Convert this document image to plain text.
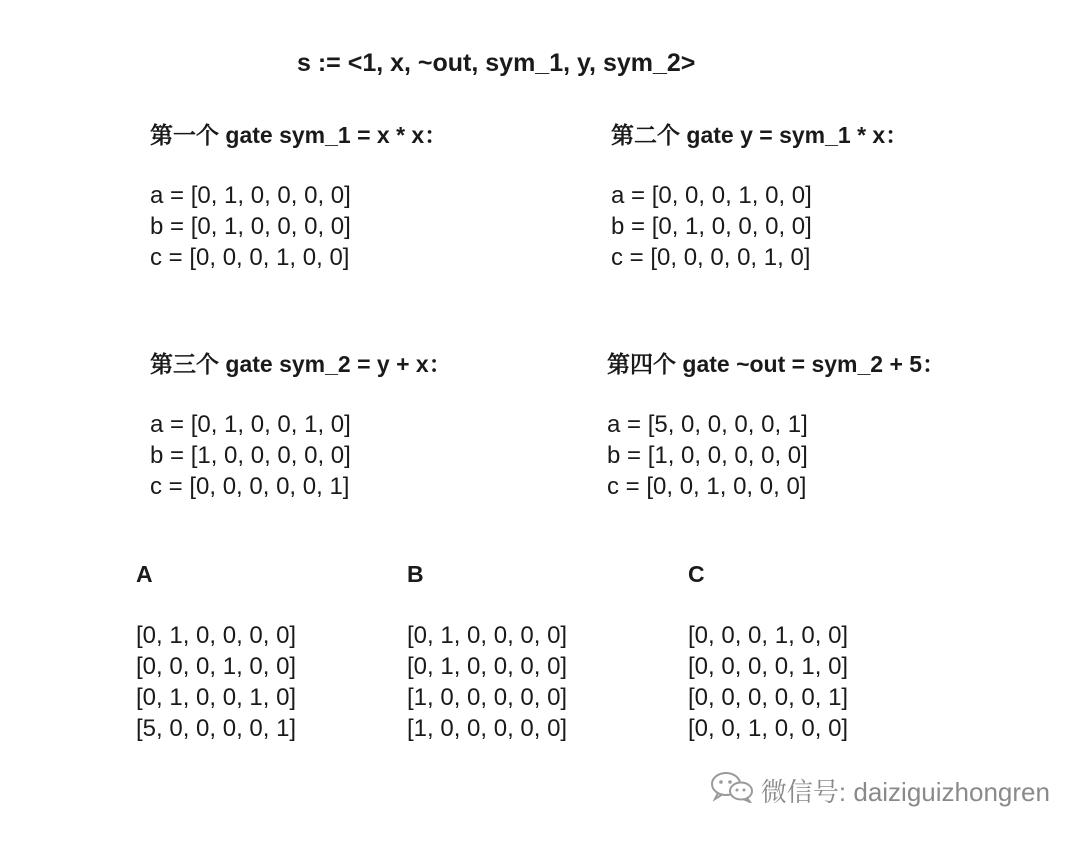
s := <1, x, ~out, sym_1, y, sym_2>
第一个 gate sym_1 = x * x：
a = [0, 1, 0, 0, 0, 0]
b = [0, 1, 0, 0, 0, 0]
c = [0, 0, 0, 1, 0, 0]
第二个 gate y = sym_1 * x：
a = [0, 0, 0, 1, 0, 0]
b = [0, 1, 0, 0, 0, 0]
c = [0, 0, 0, 0, 1, 0]
第三个 gate sym_2 = y + x：
a = [0, 1, 0, 0, 1, 0]
b = [1, 0, 0, 0, 0, 0]
c = [0, 0, 0, 0, 0, 1]
第四个 gate ~out = sym_2 + 5：
a = [5, 0, 0, 0, 0, 1]
b = [1, 0, 0, 0, 0, 0]
c = [0, 0, 1, 0, 0, 0]
A
[0, 1, 0, 0, 0, 0]
[0, 0, 0, 1, 0, 0]
[0, 1, 0, 0, 1, 0]
[5, 0, 0, 0, 0, 1]
B
[0, 1, 0, 0, 0, 0]
[0, 1, 0, 0, 0, 0]
[1, 0, 0, 0, 0, 0]
[1, 0, 0, 0, 0, 0]
C
[0, 0, 0, 1, 0, 0]
[0, 0, 0, 0, 1, 0]
[0, 0, 0, 0, 0, 1]
[0, 0, 1, 0, 0, 0]

微信号: daiziguizhongren
